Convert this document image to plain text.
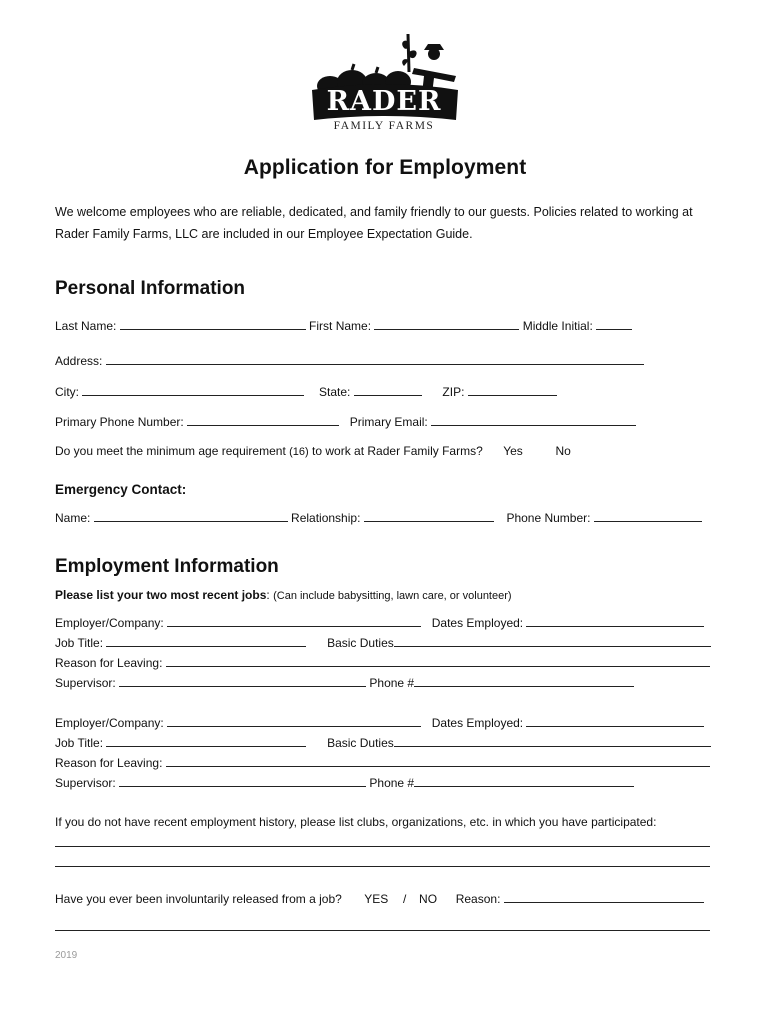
RADER
FAMILY FARMS
Application for Employment
We welcome employees who are reliable, dedicated, and family friendly to our guests. Policies related to working at Rader Family Farms, LLC are included in our Employee Expectation Guide.
Personal Information
Last Name:	First Name:	Middle Initial:
Address:
City:	State:	ZIP:
Primary Phone Number:	Primary Email:
Do you meet the minimum age requirement (16) to work at Rader Family Farms? Yes	No
Emergency Contact:
Name:	Relationship:	Phone Number:
Employment Information
Please list your two most recent jobs: (Can include babysitting, lawn care, or volunteer)
Employer/Company:	Dates Employed:
Job Title:	Basic Duties
Reason for Leaving:
Supervisor:	Phone #
Employer/Company:	Dates Employed:
Job Title:	Basic Duties
Reason for Leaving:
Supervisor:	Phone #
If you do not have recent employment history, please list clubs, organizations, etc. in which you have participated:
Have you ever been involuntarily released from a job? YES / NO Reason:
2019
